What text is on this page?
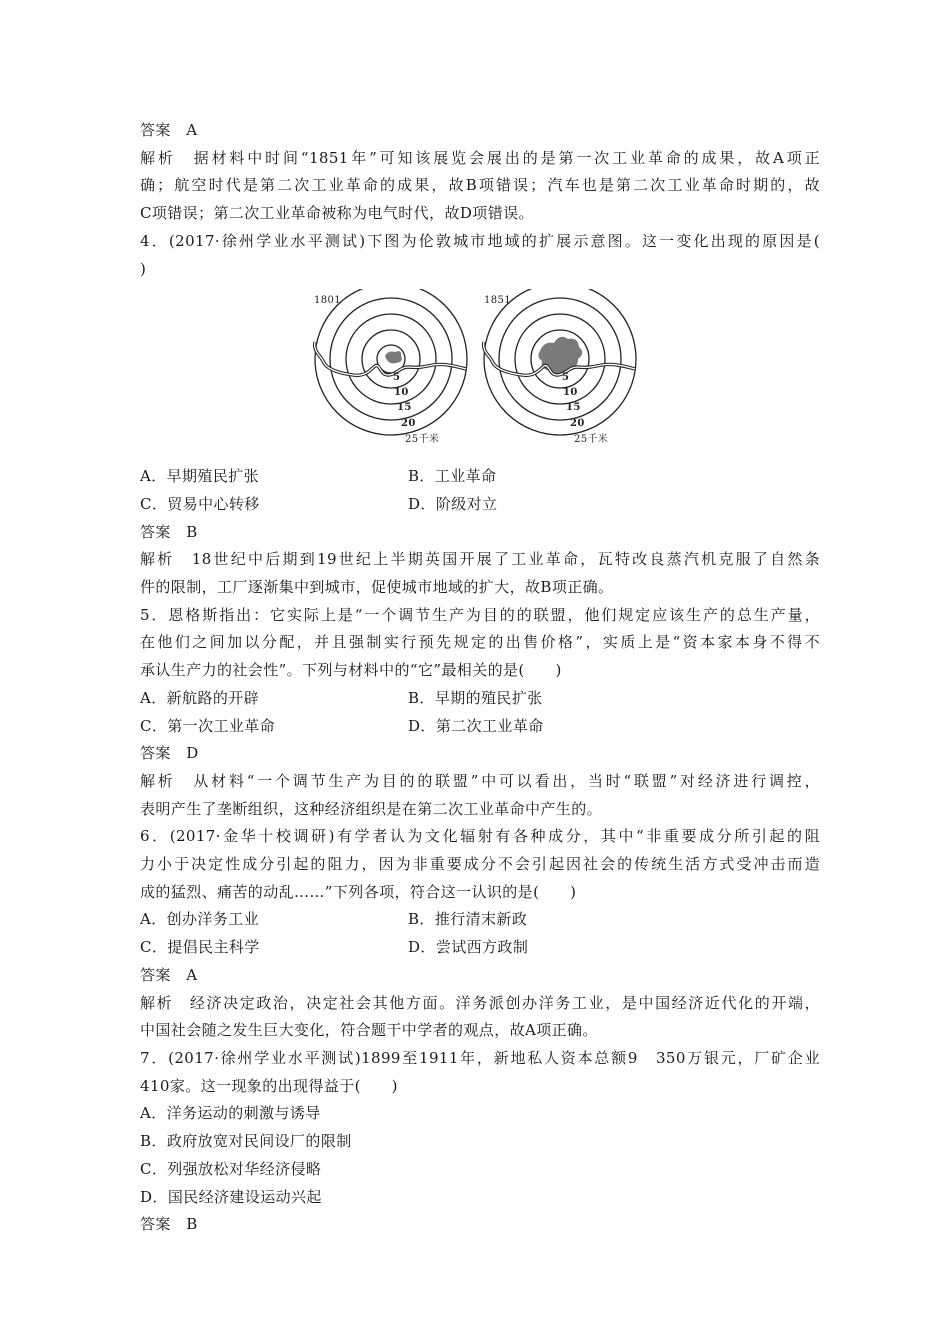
答案　A
解析　据材料中时间“1851年”可知该展览会展出的是第一次工业革命的成果，故A项正
确；航空时代是第二次工业革命的成果，故B项错误；汽车也是第二次工业革命时期的，故
C项错误；第二次工业革命被称为电气时代，故D项错误。
4．(2017·徐州学业水平测试)下图为伦敦城市地域的扩展示意图。这一变化出现的原因是(
)
1801
5
10
15
20
25千米
1851
5
10
15
20
25千米
A．早期殖民扩张	B．工业革命
C．贸易中心转移	D．阶级对立
答案　B
解析　18世纪中后期到19世纪上半期英国开展了工业革命，瓦特改良蒸汽机克服了自然条
件的限制，工厂逐渐集中到城市，促使城市地域的扩大，故B项正确。
5．恩格斯指出：它实际上是“一个调节生产为目的的联盟，他们规定应该生产的总生产量，
在他们之间加以分配，并且强制实行预先规定的出售价格”，实质上是“资本家本身不得不
承认生产力的社会性”。下列与材料中的“它”最相关的是(　　)
A．新航路的开辟	B．早期的殖民扩张
C．第一次工业革命	D．第二次工业革命
答案　D
解析　从材料“一个调节生产为目的的联盟”中可以看出，当时“联盟”对经济进行调控，
表明产生了垄断组织，这种经济组织是在第二次工业革命中产生的。
6．(2017·金华十校调研)有学者认为文化辐射有各种成分，其中“非重要成分所引起的阻
力小于决定性成分引起的阻力，因为非重要成分不会引起因社会的传统生活方式受冲击而造
成的猛烈、痛苦的动乱……”下列各项，符合这一认识的是(　　)
A．创办洋务工业	B．推行清末新政
C．提倡民主科学	D．尝试西方政制
答案　A
解析　经济决定政治，决定社会其他方面。洋务派创办洋务工业，是中国经济近代化的开端，
中国社会随之发生巨大变化，符合题干中学者的观点，故A项正确。
7．(2017·徐州学业水平测试)1899至1911年，新地私人资本总额9　350万银元，厂矿企业
410家。这一现象的出现得益于(　　)
A．洋务运动的刺激与诱导
B．政府放宽对民间设厂的限制
C．列强放松对华经济侵略
D．国民经济建设运动兴起
答案　B
